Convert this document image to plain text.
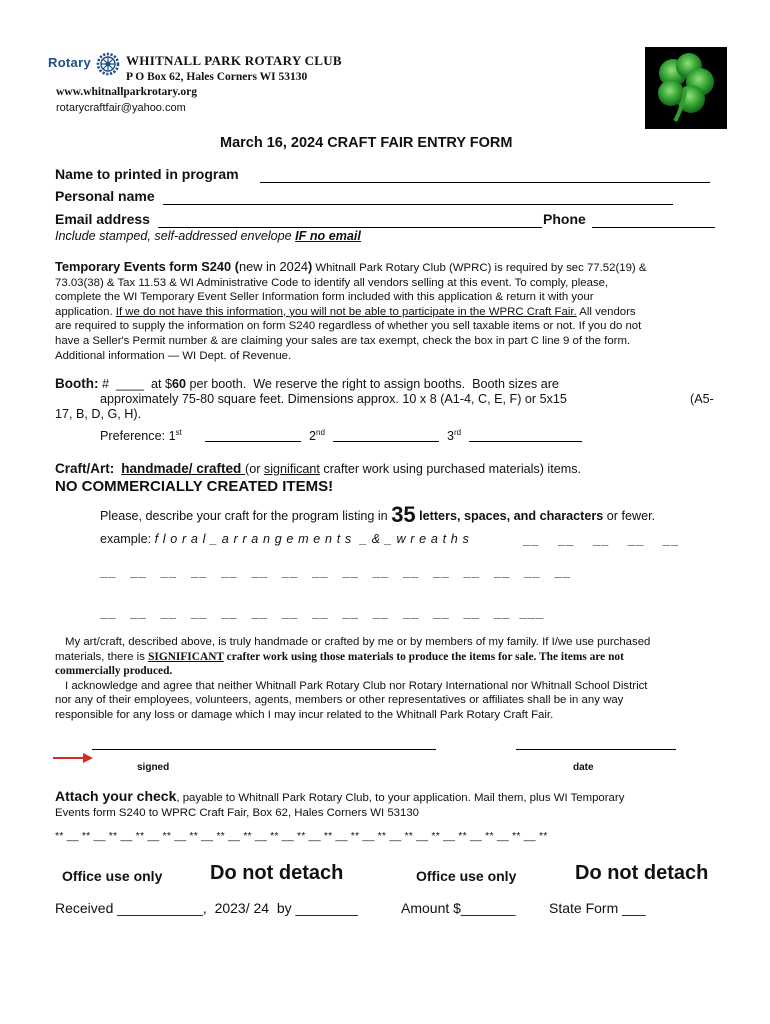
Rotary	WHITNALL PARK ROTARY CLUB
P O Box 62, Hales Corners WI 53130
www.whitnallparkrotary.org
rotarycraftfair@yahoo.com
March 16, 2024 CRAFT FAIR ENTRY FORM
Name to printed in program
Personal name
Email address	Phone
Include stamped, self-addressed envelope IF no email
Temporary Events form S240 (new in 2024) Whitnall Park Rotary Club (WPRC) is required by sec 77.52(19) &
73.03(38) & Tax 11.53 & WI Administrative Code to identify all vendors selling at this event. To comply, please,
complete the WI Temporary Event Seller Information form included with this application & return it with your
application. If we do not have this information, you will not be able to participate in the WPRC Craft Fair. All vendors
are required to supply the information on form S240 regardless of whether you sell taxable items or not. If you do not
have a Seller's Permit number & are claiming your sales are tax exempt, check the box in part C line 9 of the form.
Additional information — WI Dept. of Revenue.
Booth: #  ____  at $60 per booth.  We reserve the right to assign booths.  Booth sizes are
approximately 75-80 square feet. Dimensions approx. 10 x 8 (A1-4, C, E, F) or 5x15	(A5-
17, B, D, G, H).
Preference: 1st	2nd	3rd
Craft/Art: handmade/ crafted (or significant crafter work using purchased materials) items.
NO COMMERCIALLY CREATED ITEMS!
Please, describe your craft for the program listing in 35 letters, spaces, and characters or fewer.
example: f l o r a l _ a r r a n g e m e n t s  _ & _ w r e a t h s	__    __    __    __    __
__   __   __   __   __   __   __   __   __   __   __   __   __   __   __   __
__   __   __   __   __   __   __   __   __   __   __   __   __   __  ___
My art/craft, described above, is truly handmade or crafted by me or by members of my family. If I/we use purchased
materials, there is SIGNIFICANT crafter work using those materials to produce the items for sale. The items are not
commercially produced.
I acknowledge and agree that neither Whitnall Park Rotary Club nor Rotary International nor Whitnall School District
nor any of their employees, volunteers, agents, members or other representatives or affiliates shall be in any way
responsible for any loss or damage which I may incur related to the Whitnall Park Rotary Craft Fair.
signed	date
Attach your check, payable to Whitnall Park Rotary Club, to your application. Mail them, plus WI Temporary
Events form S240 to WPRC Craft Fair, Box 62, Hales Corners WI 53130
** __ ** __ ** __ ** __ ** __ ** __ ** __ ** __ ** __ ** __ ** __ ** __ ** __ ** __ ** __ ** __ ** __ ** __ **
Office use only Do not detach	Office use only	Do not detach
Received ___________,  2023/ 24  by ________	Amount $_______ State Form ___
